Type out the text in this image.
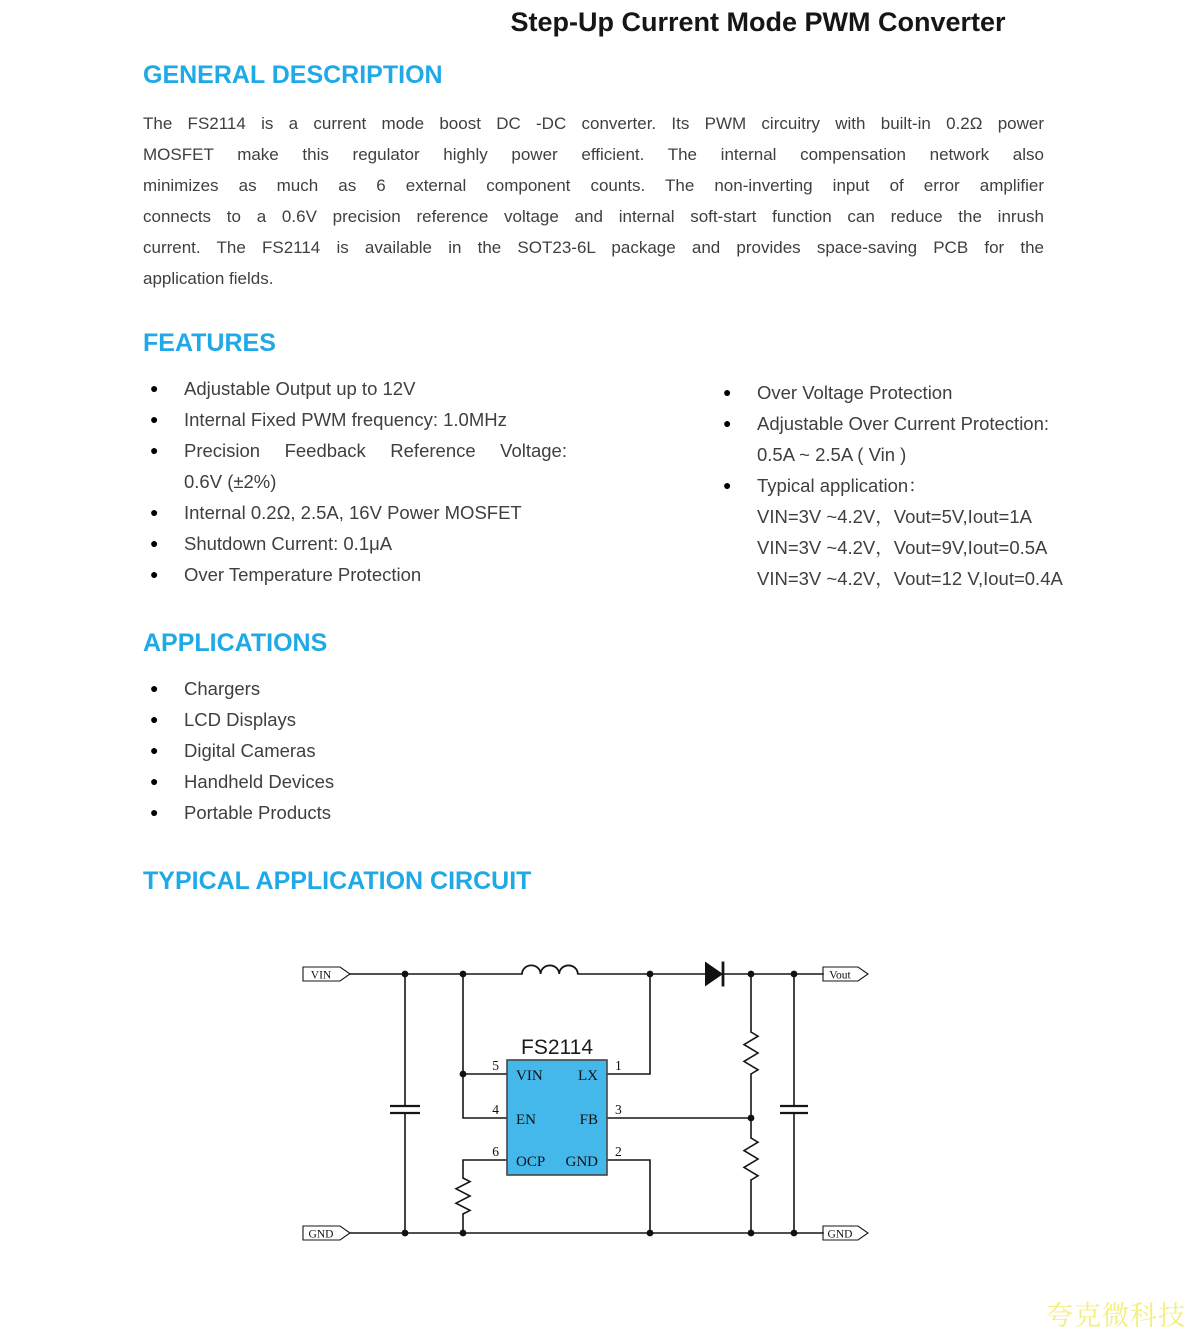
Step-Up Current Mode PWM Converter
GENERAL DESCRIPTION
The FS2114 is a current mode boost DC -DC converter. Its PWM circuitry with built-in 0.2Ω power
MOSFET make this regulator highly power efficient. The internal compensation network also
minimizes as much as 6 external component counts. The non-inverting input of error amplifier
connects to a 0.6V precision reference voltage and internal soft-start function can reduce the inrush
current. The FS2114 is available in the SOT23-6L package and provides space-saving PCB for the
application fields.
FEATURES
●	Adjustable Output up to 12V
●	Internal Fixed PWM frequency: 1.0MHz
●	Precision Feedback Reference Voltage:
0.6V (±2%)
●	Internal 0.2Ω, 2.5A, 16V Power MOSFET
●	Shutdown Current: 0.1μA
●	Over Temperature Protection
●	Over Voltage Protection
●	Adjustable Over Current Protection:
0.5A ~ 2.5A ( Vin )
●	Typical application：
VIN=3V ~4.2V，Vout=5V,Iout=1A
VIN=3V ~4.2V，Vout=9V,Iout=0.5A
VIN=3V ~4.2V，Vout=12 V,Iout=0.4A
APPLICATIONS
●	Chargers
●	LCD Displays
●	Digital Cameras
●	Handheld Devices
●	Portable Products
TYPICAL APPLICATION CIRCUIT
FS2114
VIN LX
EN	FB
OCP GND
5
4
6
1
3
2
VIN	Vout
GND	GND
夸克微科技
